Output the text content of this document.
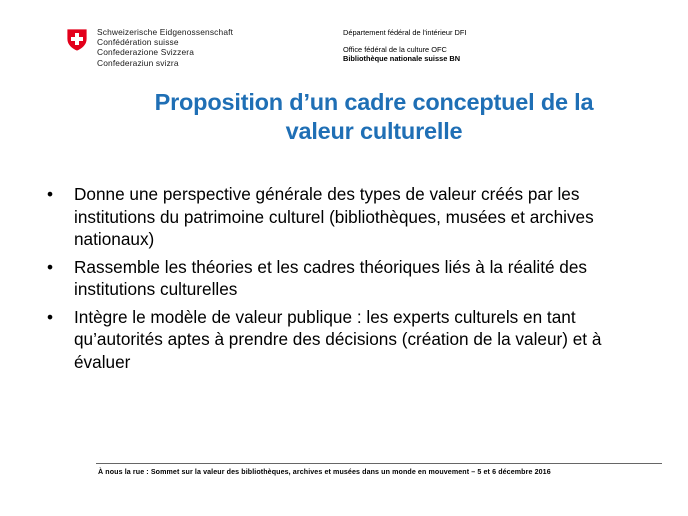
Schweizerische Eidgenossenschaft
Confédération suisse
Confederazione Svizzera
Confederaziun svizra
Département fédéral de l'intérieur DFI
Office fédéral de la culture OFC
Bibliothèque nationale suisse BN
Proposition d’un cadre conceptuel de la
valeur culturelle
• Donne une perspective générale des types de valeur créés par les institutions du patrimoine culturel (bibliothèques, musées et archives nationaux)
• Rassemble les théories et les cadres théoriques liés à la réalité des institutions culturelles
• Intègre le modèle de valeur publique : les experts culturels en tant qu’autorités aptes à prendre des décisions (création de la valeur) et à évaluer
À nous la rue : Sommet sur la valeur des bibliothèques, archives et musées dans un monde en mouvement – 5 et 6 décembre 2016
